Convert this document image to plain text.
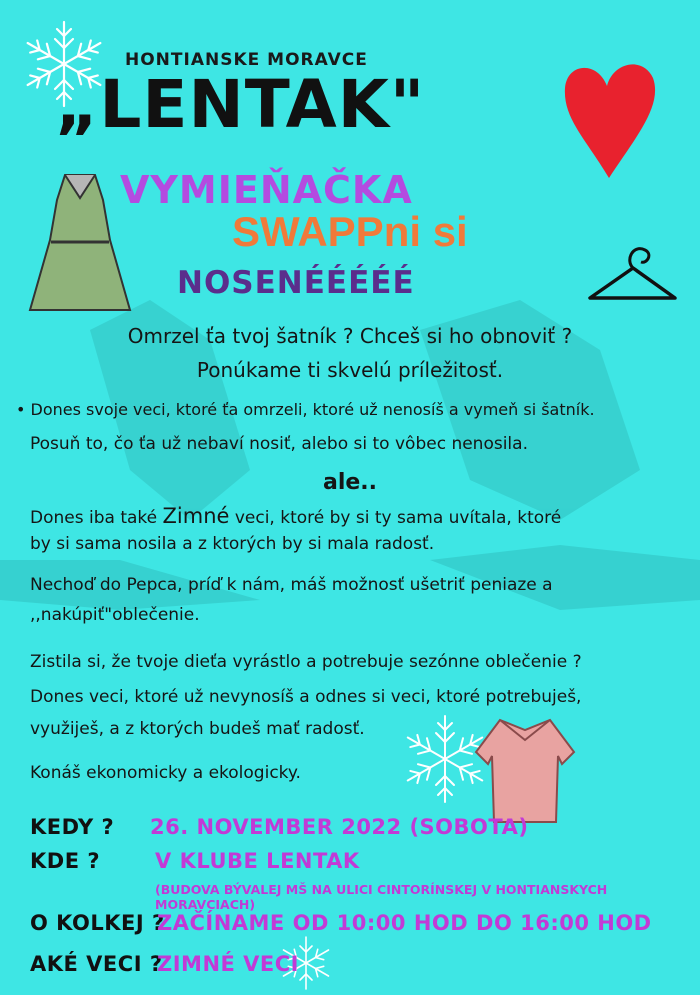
HONTIANSKE MORAVCE
„LENTAK"
VYMIEŇAČKA
SWAPPni si
NOSENÉÉÉÉÉ
Omrzel ťa tvoj šatník ? Chceš si ho obnoviť ?
Ponúkame ti skvelú príležitosť.
• Dones svoje veci, ktoré ťa omrzeli, ktoré už nenosíš a vymeň si šatník.
Posuň to, čo ťa už nebaví nosiť, alebo si to vôbec nenosila.
ale..
Dones iba také Zimné veci, ktoré by si ty sama uvítala, ktoré
by si sama nosila a z ktorých by si mala radosť.
Nechoď do Pepca, príď k nám, máš možnosť ušetriť peniaze a
,,nakúpiť"oblečenie.
Zistila si, že tvoje dieťa vyrástlo a potrebuje sezónne oblečenie ?
Dones veci, ktoré už nevynosíš a odnes si veci, ktoré potrebuješ,
využiješ, a z ktorých budeš mať radosť.
Konáš ekonomicky a ekologicky.
KEDY ? 26. NOVEMBER 2022 (SOBOTA)
KDE ?	V KLUBE LENTAK
(BUDOVA BÝVALEJ MŠ NA ULICI CINTORÍNSKEJ V HONTIANSKYCH MORAVCIACH)
O KOLKEJ ?
ZAČÍNAME OD 10:00 HOD DO 16:00 HOD
AKÉ VECI ?
ZIMNÉ VECI
